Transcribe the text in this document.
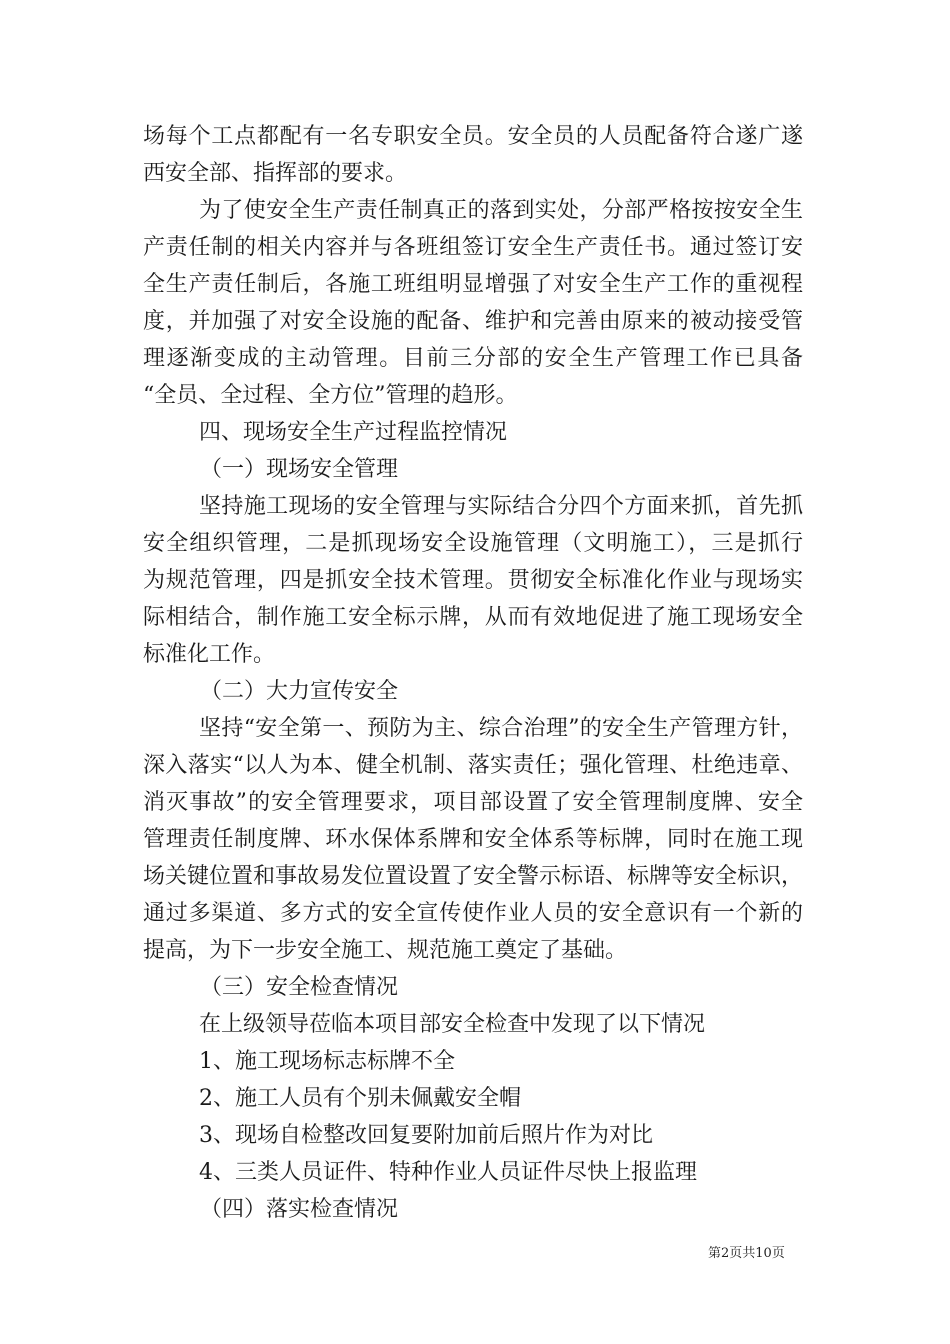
场每个工点都配有一名专职安全员。安全员的人员配备符合遂广遂
西安全部、指挥部的要求。
为了使安全生产责任制真正的落到实处，分部严格按按安全生
产责任制的相关内容并与各班组签订安全生产责任书。通过签订安
全生产责任制后，各施工班组明显增强了对安全生产工作的重视程
度，并加强了对安全设施的配备、维护和完善由原来的被动接受管
理逐渐变成的主动管理。目前三分部的安全生产管理工作已具备
“全员、全过程、全方位”管理的趋形。
四、现场安全生产过程监控情况
（一）现场安全管理
坚持施工现场的安全管理与实际结合分四个方面来抓，首先抓
安全组织管理，二是抓现场安全设施管理（文明施工），三是抓行
为规范管理，四是抓安全技术管理。贯彻安全标准化作业与现场实
际相结合，制作施工安全标示牌，从而有效地促进了施工现场安全
标准化工作。
（二）大力宣传安全
坚持“安全第一、预防为主、综合治理”的安全生产管理方针，
深入落实“以人为本、健全机制、落实责任；强化管理、杜绝违章、
消灭事故”的安全管理要求，项目部设置了安全管理制度牌、安全
管理责任制度牌、环水保体系牌和安全体系等标牌，同时在施工现
场关键位置和事故易发位置设置了安全警示标语、标牌等安全标识，
通过多渠道、多方式的安全宣传使作业人员的安全意识有一个新的
提高，为下一步安全施工、规范施工奠定了基础。
（三）安全检查情况
在上级领导莅临本项目部安全检查中发现了以下情况
1、施工现场标志标牌不全
2、施工人员有个别未佩戴安全帽
3、现场自检整改回复要附加前后照片作为对比
4、三类人员证件、特种作业人员证件尽快上报监理
（四）落实检查情况
第2页共10页
